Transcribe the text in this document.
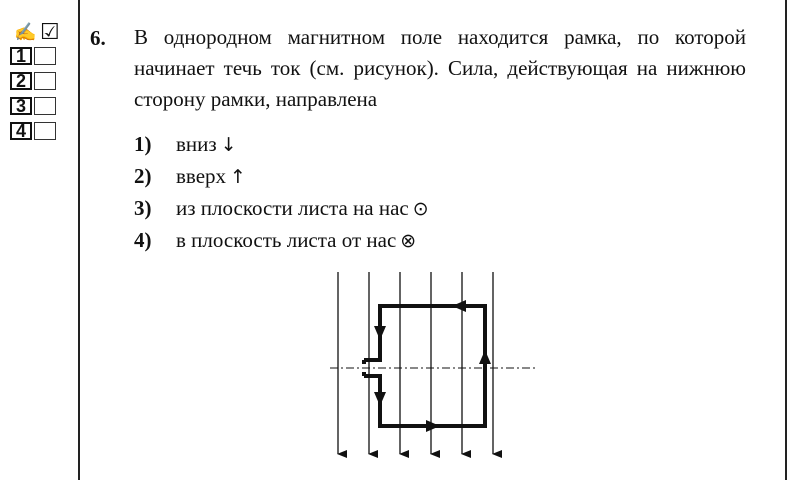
✍ ☑
1
2
3
4
6. В однородном магнитном поле находится рамка, по которой начинает течь ток (см. рисунок). Сила, действующая на нижнюю сторону рамки, направлена

1) вниз ↓
2) вверх ↑
3) из плоскости листа на нас ⊙
4) в плоскость листа от нас ⊗
